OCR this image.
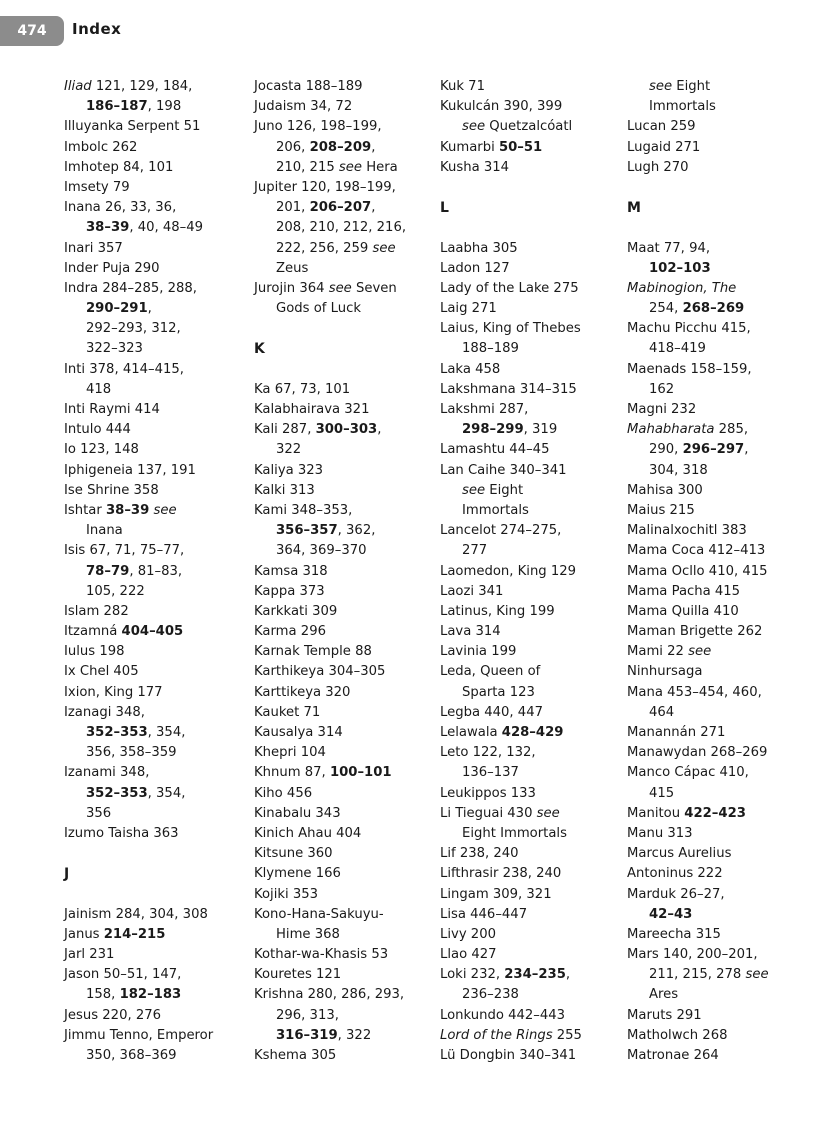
474	Index
Iliad 121, 129, 184,
186–187, 198
Illuyanka Serpent 51
Imbolc 262
Imhotep 84, 101
Imsety 79
Inana 26, 33, 36,
38–39, 40, 48–49
Inari 357
Inder Puja 290
Indra 284–285, 288,
290–291,
292–293, 312,
322–323
Inti 378, 414–415,
418
Inti Raymi 414
Intulo 444
Io 123, 148
Iphigeneia 137, 191
Ise Shrine 358
Ishtar 38–39 see
Inana
Isis 67, 71, 75–77,
78–79, 81–83,
105, 222
Islam 282
Itzamná 404–405
Iulus 198
Ix Chel 405
Ixion, King 177
Izanagi 348,
352–353, 354,
356, 358–359
Izanami 348,
352–353, 354,
356
Izumo Taisha 363
J
Jainism 284, 304, 308
Janus 214–215
Jarl 231
Jason 50–51, 147,
158, 182–183
Jesus 220, 276
Jimmu Tenno, Emperor
350, 368–369
Jocasta 188–189
Judaism 34, 72
Juno 126, 198–199,
206, 208–209,
210, 215 see Hera
Jupiter 120, 198–199,
201, 206–207,
208, 210, 212, 216,
222, 256, 259 see
Zeus
Jurojin 364 see Seven
Gods of Luck
K
Ka 67, 73, 101
Kalabhairava 321
Kali 287, 300–303,
322
Kaliya 323
Kalki 313
Kami 348–353,
356–357, 362,
364, 369–370
Kamsa 318
Kappa 373
Karkkati 309
Karma 296
Karnak Temple 88
Karthikeya 304–305
Karttikeya 320
Kauket 71
Kausalya 314
Khepri 104
Khnum 87, 100–101
Kiho 456
Kinabalu 343
Kinich Ahau 404
Kitsune 360
Klymene 166
Kojiki 353
Kono-Hana-Sakuyu-
Hime 368
Kothar-wa-Khasis 53
Kouretes 121
Krishna 280, 286, 293,
296, 313,
316–319, 322
Kshema 305
Kuk 71
Kukulcán 390, 399
see Quetzalcóatl
Kumarbi 50–51
Kusha 314
L
Laabha 305
Ladon 127
Lady of the Lake 275
Laig 271
Laius, King of Thebes
188–189
Laka 458
Lakshmana 314–315
Lakshmi 287,
298–299, 319
Lamashtu 44–45
Lan Caihe 340–341
see Eight
Immortals
Lancelot 274–275,
277
Laomedon, King 129
Laozi 341
Latinus, King 199
Lava 314
Lavinia 199
Leda, Queen of
Sparta 123
Legba 440, 447
Lelawala 428–429
Leto 122, 132,
136–137
Leukippos 133
Li Tieguai 430 see
Eight Immortals
Lif 238, 240
Lifthrasir 238, 240
Lingam 309, 321
Lisa 446–447
Livy 200
Llao 427
Loki 232, 234–235,
236–238
Lonkundo 442–443
Lord of the Rings 255
Lü Dongbin 340–341
see Eight
Immortals
Lucan 259
Lugaid 271
Lugh 270
M
Maat 77, 94,
102–103
Mabinogion, The
254, 268–269
Machu Picchu 415,
418–419
Maenads 158–159,
162
Magni 232
Mahabharata 285,
290, 296–297,
304, 318
Mahisa 300
Maius 215
Malinalxochitl 383
Mama Coca 412–413
Mama Ocllo 410, 415
Mama Pacha 415
Mama Quilla 410
Maman Brigette 262
Mami 22 see
Ninhursaga
Mana 453–454, 460,
464
Manannán 271
Manawydan 268–269
Manco Cápac 410,
415
Manitou 422–423
Manu 313
Marcus Aurelius
Antoninus 222
Marduk 26–27,
42–43
Mareecha 315
Mars 140, 200–201,
211, 215, 278 see
Ares
Maruts 291
Matholwch 268
Matronae 264
